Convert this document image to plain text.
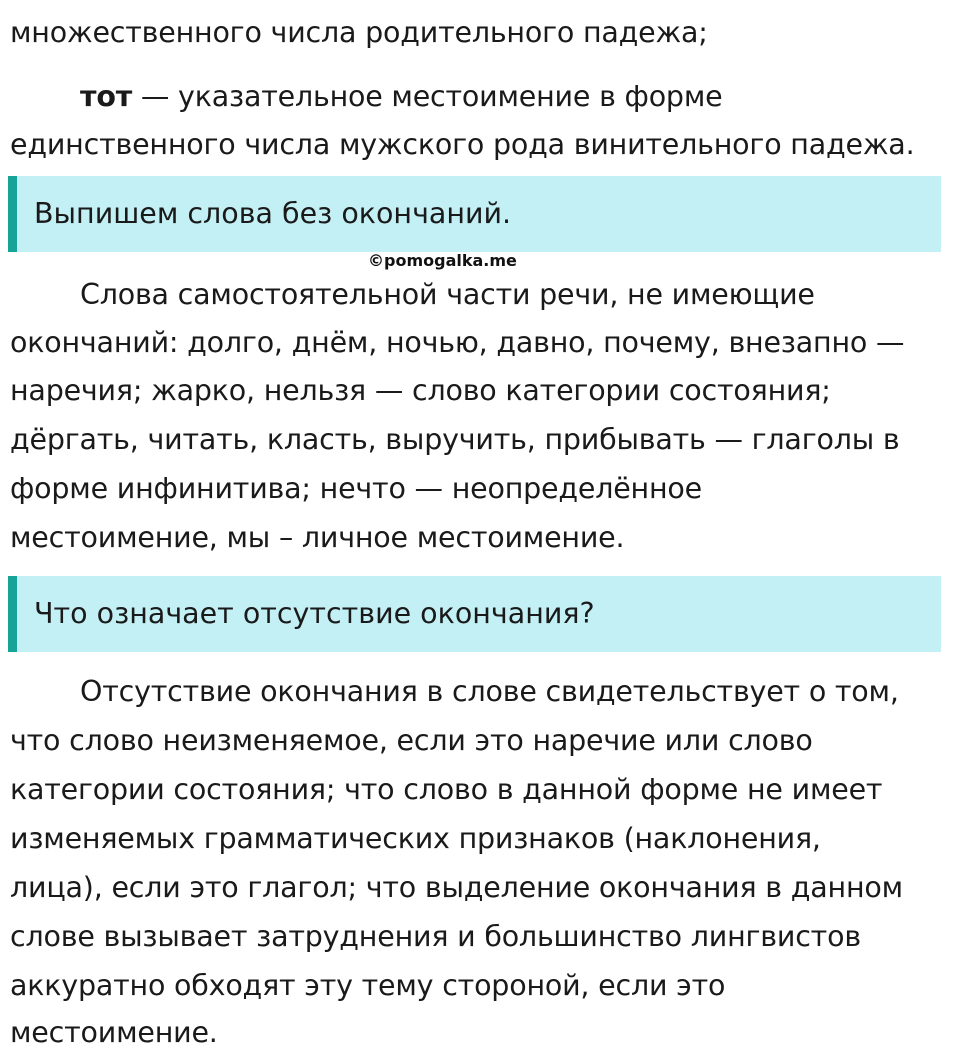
множественного числа родительного падежа;
тот — указательное местоимение в форме
единственного числа мужского рода винительного падежа.
Выпишем слова без окончаний.
©pomogalka.me
Слова самостоятельной части речи, не имеющие
окончаний: долго, днём, ночью, давно, почему, внезапно —
наречия; жарко, нельзя — слово категории состояния;
дёргать, читать, класть, выручить, прибывать — глаголы в
форме инфинитива; нечто — неопределённое
местоимение, мы – личное местоимение.
Что означает отсутствие окончания?
Отсутствие окончания в слове свидетельствует о том,
что слово неизменяемое, если это наречие или слово
категории состояния; что слово в данной форме не имеет
изменяемых грамматических признаков (наклонения,
лица), если это глагол; что выделение окончания в данном
слове вызывает затруднения и большинство лингвистов
аккуратно обходят эту тему стороной, если это
местоимение.
